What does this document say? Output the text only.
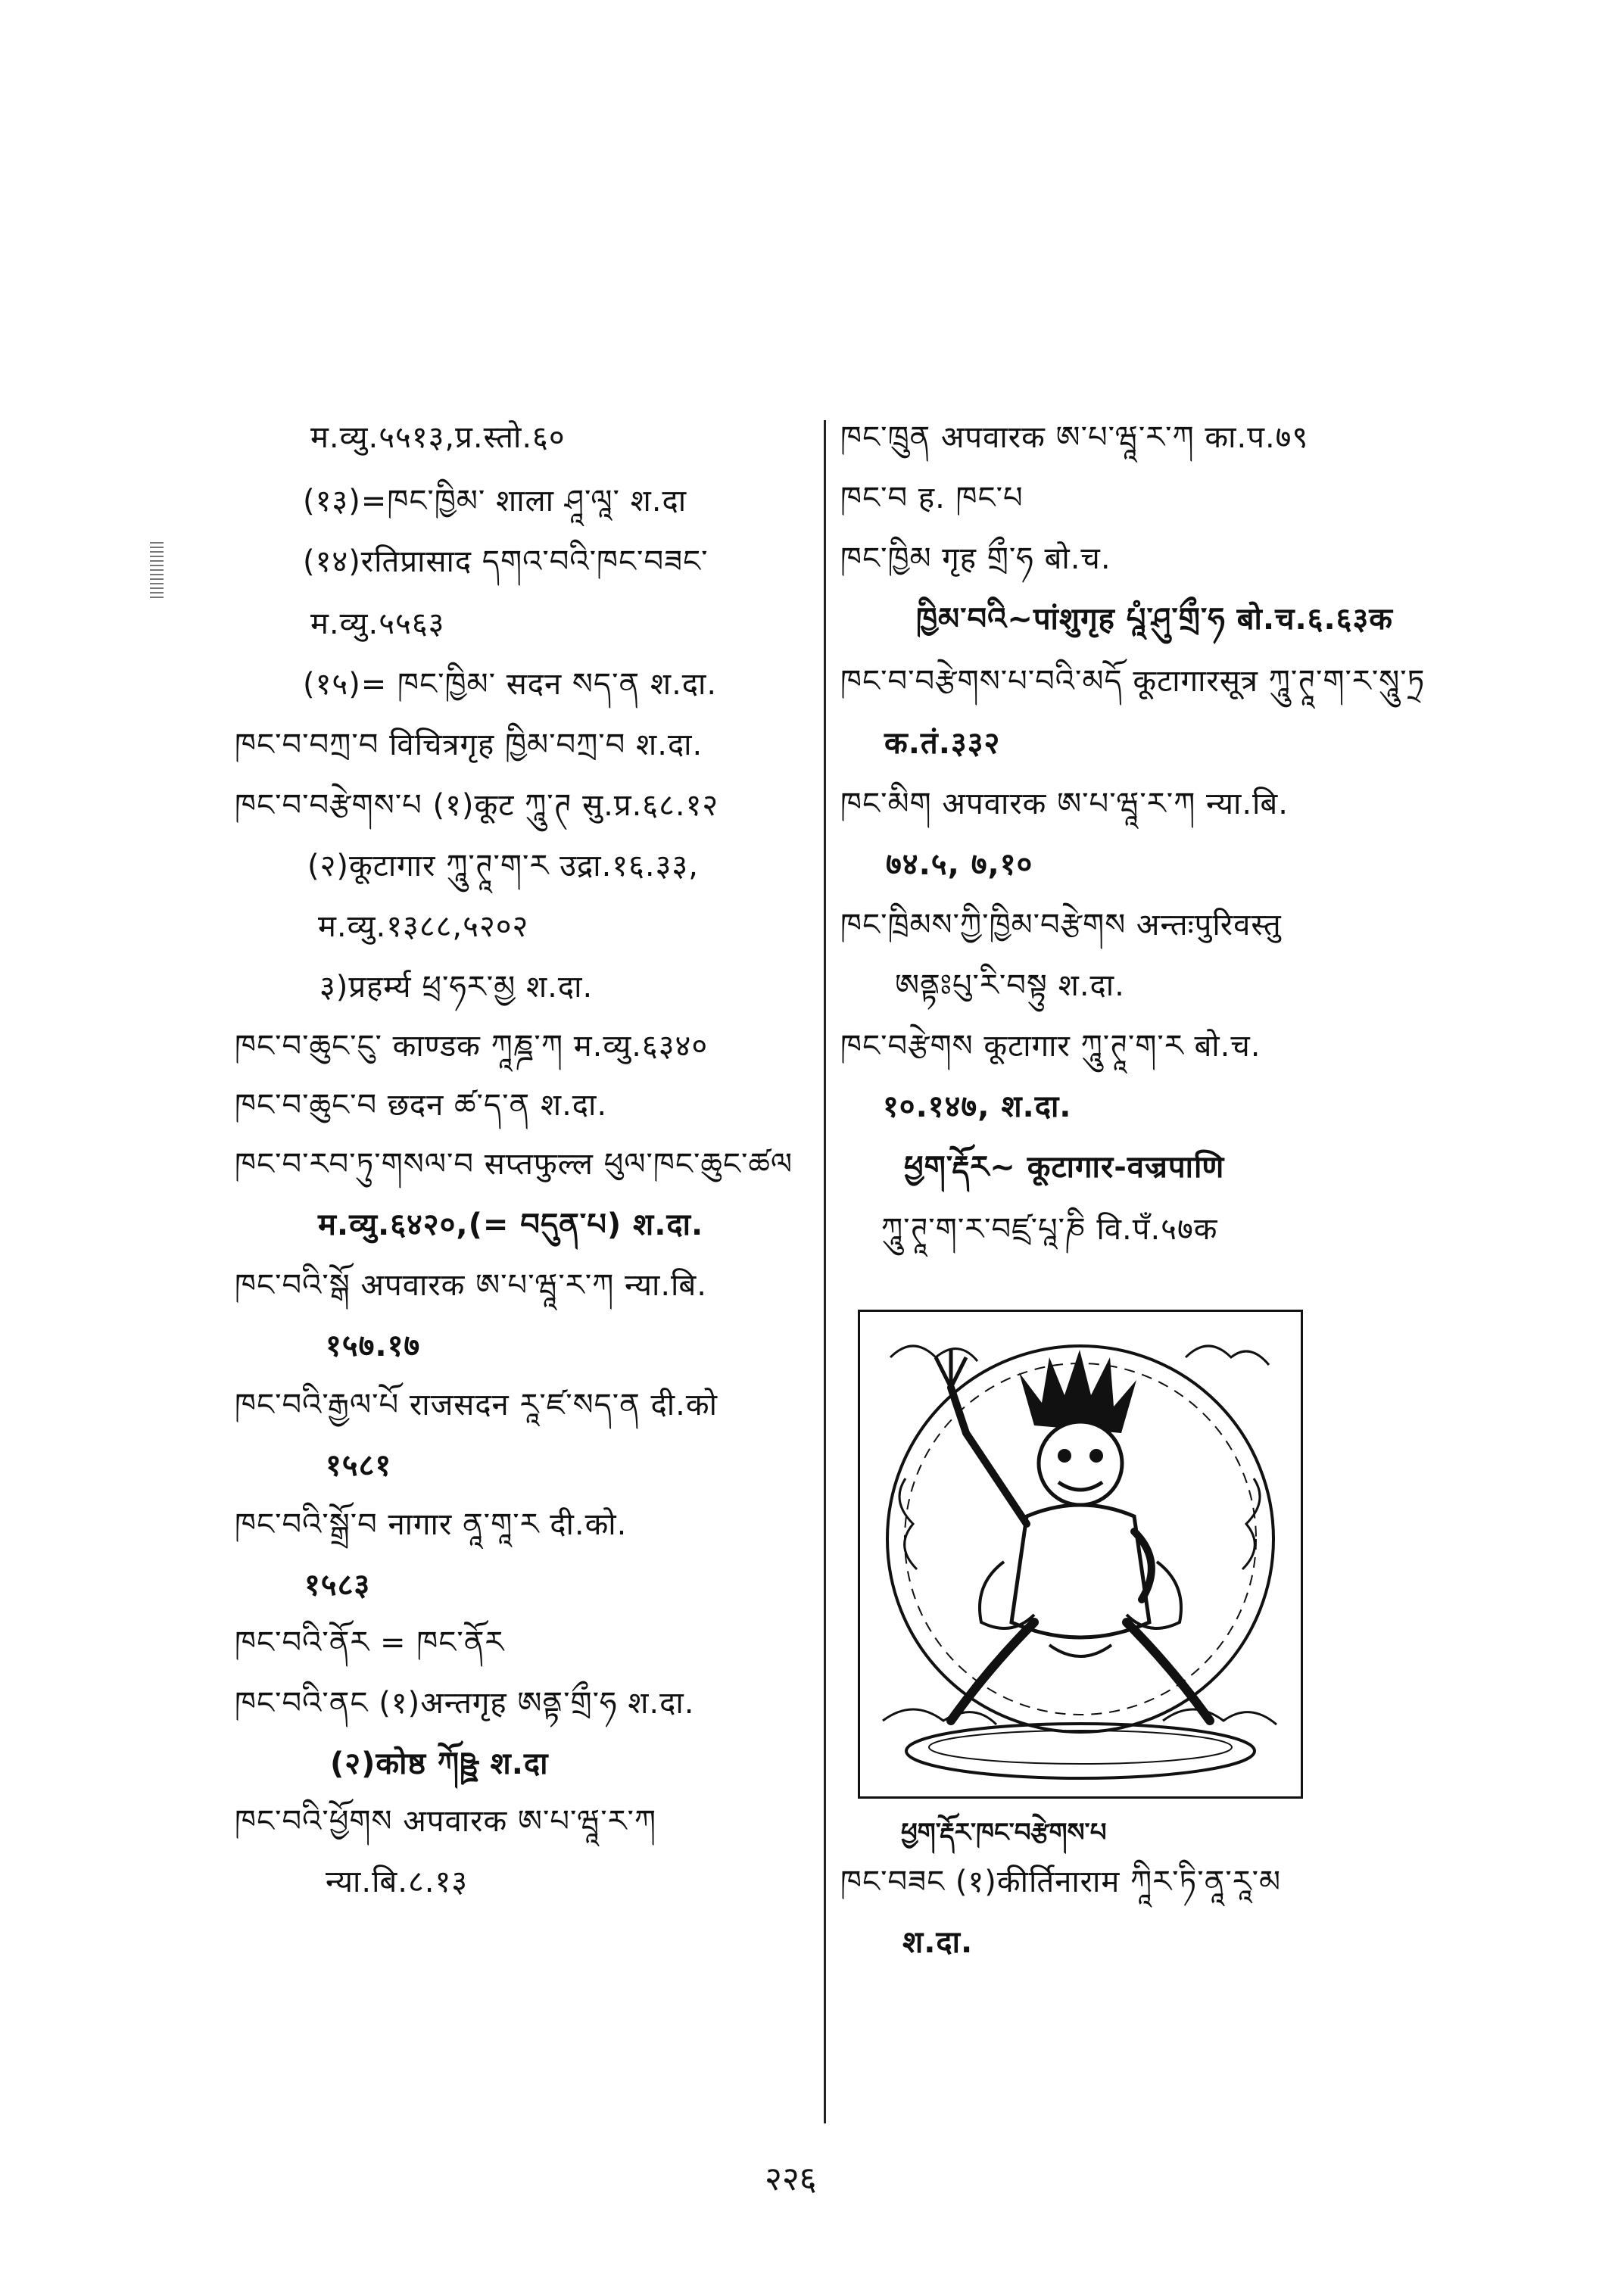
म.व्यु.५५१३,प्र.स्तो.६०
(१३)=ཁང་ཁྱིམ་ शाला ཤཱ་ལཱ་ श.दा
(१४)रतिप्रासाद དགའ་བའི་ཁང་བཟང་
म.व्यु.५५६३
(१५)= ཁང་ཁྱིམ་ सदन སད་ན श.दा.
ཁང་བ་བཀྲ་བ विचित्रगृह ཁྱིམ་བཀྲ་བ श.दा.
ཁང་བ་བརྩེགས་པ (१)कूट ཀཱུ་ཊ सु.प्र.६८.१२
(२)कूटागार ཀཱུ་ཊཱ་ག་ར उद्रा.१६.३३,
म.व्यु.१३८८,५२०२
३)प्रहर्म्य ཕྲ་ཧར་མྱ श.दा.
ཁང་བ་ཆུང་ངུ་ काण्डक ཀཱཎྜ་ཀ म.व्यु.६३४०
ཁང་བ་ཆུང་བ छदन ཚ་ད་ན श.दा.
ཁང་བ་རབ་ཏུ་གསལ་བ सप्तफुल्ल ཕུལ་ཁང་ཆུང་ཚལ
म.व्यु.६४२०,(= བདུན་པ) श.दा.
ཁང་བའི་སྒོ अपवारक ཨ་པ་ཝཱ་ར་ཀ न्या.बि.
१५७.१७
ཁང་བའི་རྒྱལ་པོ राजसदन རཱ་ཛ་སད་ན दी.को
१५८१
ཁང་བའི་སྒྲོ་བ नागार ནཱ་གཱ་ར दी.को.
१५८३
ཁང་བའི་ནོར = ཁང་ནོར
ཁང་བའི་ནང (१)अन्तगृह ཨནྟ་གྲྀ་ཧ श.दा.
(२)कोष्ठ ཀོཥྛ श.दा
ཁང་བའི་ཕྱོགས अपवारक ཨ་པ་ཝཱ་ར་ཀ
न्या.बि.८.१३
ཁང་ཁྲུན अपवारक ཨ་པ་ཝཱ་ར་ཀ का.प.७९
ཁང་བ ह. ཁང་པ
ཁང་ཁྱིམ गृह གྲྀ་ཧ बो.च.
ཁྱིམ་བའི~पांशुगृह པཱཾ་ཤུ་གྲྀ་ཧ बो.च.६.६३क
ཁང་བ་བརྩེགས་པ་བའི་མདོ कूटागारसूत्र ཀཱུ་ཊཱ་ག་ར་སཱུ་ཏྲ
क.तं.३३२
ཁང་མིག अपवारक ཨ་པ་ཝཱ་ར་ཀ न्या.बि.
७४.५, ७,१०
ཁང་ཁྲིམས་ཀྱི་ཁྱིམ་བརྩེགས अन्तःपुरिवस्तु
ཨནྟཿཔུ་རི་བསྟུ श.दा.
ཁང་བརྩེགས कूटागार ཀཱུ་ཊཱ་ག་ར बो.च.
१०.१४७, श.दा.
ཕྱག་རྡོར~ कूटागार-वज्रपाणि
ཀཱུ་ཊཱ་ག་ར་བཛྲ་པཱ་ཎི वि.पँ.५७क
ཁང་བཟང (१)कीर्तिनाराम ཀཱིར་ཏི་ནཱ་རཱ་མ
श.दा.
ཕྱག་རྡོར་ཁང་བརྩེགས་པ
२२६
